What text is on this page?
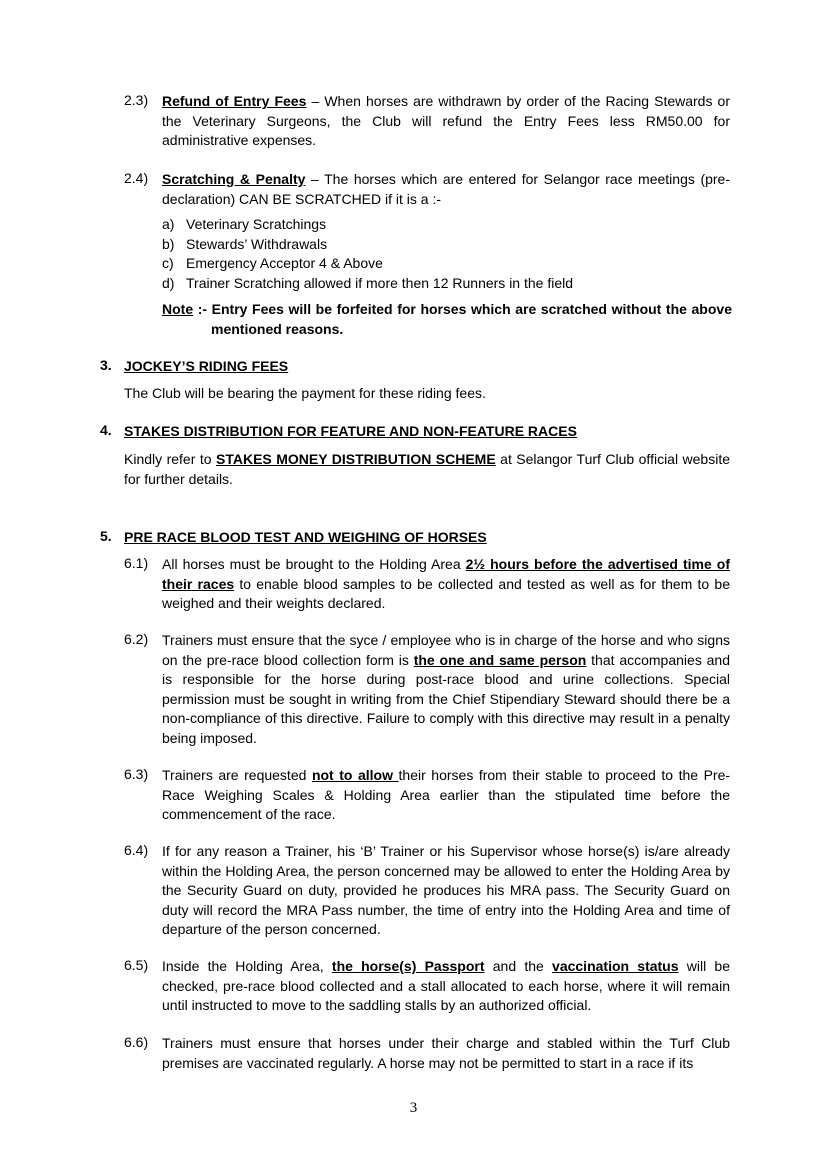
2.3) Refund of Entry Fees – When horses are withdrawn by order of the Racing Stewards or the Veterinary Surgeons, the Club will refund the Entry Fees less RM50.00 for administrative expenses.
2.4) Scratching & Penalty – The horses which are entered for Selangor race meetings (pre-declaration) CAN BE SCRATCHED if it is a :-
a) Veterinary Scratchings
b) Stewards’ Withdrawals
c) Emergency Acceptor 4 & Above
d) Trainer Scratching allowed if more then 12 Runners in the field
Note :- Entry Fees will be forfeited for horses which are scratched without the above
mentioned reasons.
3. JOCKEY’S RIDING FEES
The Club will be bearing the payment for these riding fees.
4. STAKES DISTRIBUTION FOR FEATURE AND NON-FEATURE RACES
Kindly refer to STAKES MONEY DISTRIBUTION SCHEME at Selangor Turf Club official website for further details.
5. PRE RACE BLOOD TEST AND WEIGHING OF HORSES
6.1) All horses must be brought to the Holding Area 2½ hours before the advertised time of their races to enable blood samples to be collected and tested as well as for them to be weighed and their weights declared.
6.2) Trainers must ensure that the syce / employee who is in charge of the horse and who signs on the pre-race blood collection form is the one and same person that accompanies and is responsible for the horse during post-race blood and urine collections. Special permission must be sought in writing from the Chief Stipendiary Steward should there be a non-compliance of this directive. Failure to comply with this directive may result in a penalty being imposed.
6.3) Trainers are requested not to allow their horses from their stable to proceed to the Pre-Race Weighing Scales & Holding Area earlier than the stipulated time before the commencement of the race.
6.4) If for any reason a Trainer, his ‘B’ Trainer or his Supervisor whose horse(s) is/are already within the Holding Area, the person concerned may be allowed to enter the Holding Area by the Security Guard on duty, provided he produces his MRA pass. The Security Guard on duty will record the MRA Pass number, the time of entry into the Holding Area and time of departure of the person concerned.
6.5) Inside the Holding Area, the horse(s) Passport and the vaccination status will be checked, pre-race blood collected and a stall allocated to each horse, where it will remain until instructed to move to the saddling stalls by an authorized official.
6.6) Trainers must ensure that horses under their charge and stabled within the Turf Club premises are vaccinated regularly. A horse may not be permitted to start in a race if its
3
